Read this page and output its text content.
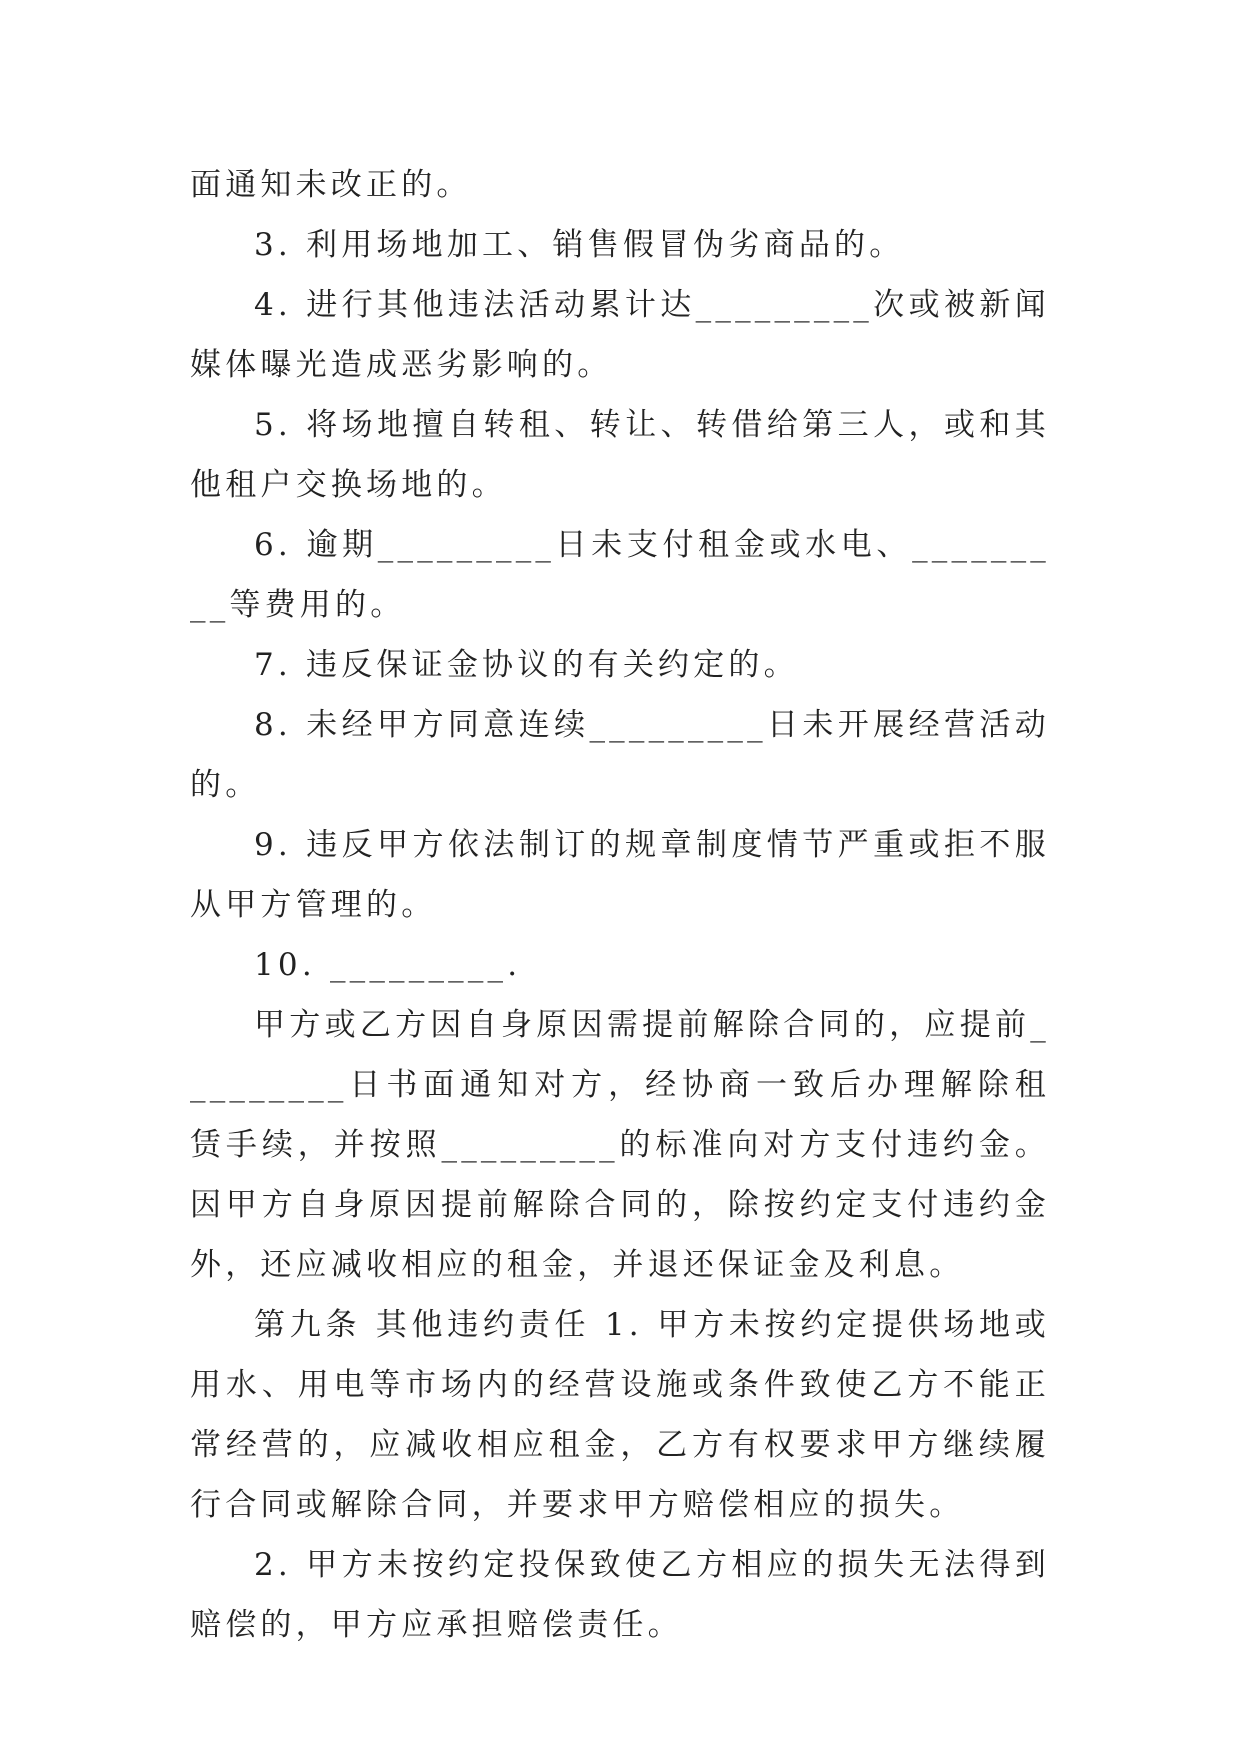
面通知未改正的。

3. 利用场地加工、销售假冒伪劣商品的。

4. 进行其他违法活动累计达_________次或被新闻媒体曝光造成恶劣影响的。

5. 将场地擅自转租、转让、转借给第三人，或和其他租户交换场地的。

6. 逾期_________日未支付租金或水电、_________等费用的。

7. 违反保证金协议的有关约定的。

8. 未经甲方同意连续_________日未开展经营活动的。

9. 违反甲方依法制订的规章制度情节严重或拒不服从甲方管理的。

10. _________.

甲方或乙方因自身原因需提前解除合同的，应提前_________日书面通知对方，经协商一致后办理解除租赁手续，并按照_________的标准向对方支付违约金。因甲方自身原因提前解除合同的，除按约定支付违约金外，还应减收相应的租金，并退还保证金及利息。

第九条 其他违约责任 1. 甲方未按约定提供场地或用水、用电等市场内的经营设施或条件致使乙方不能正常经营的，应减收相应租金，乙方有权要求甲方继续履行合同或解除合同，并要求甲方赔偿相应的损失。

2. 甲方未按约定投保致使乙方相应的损失无法得到赔偿的，甲方应承担赔偿责任。
